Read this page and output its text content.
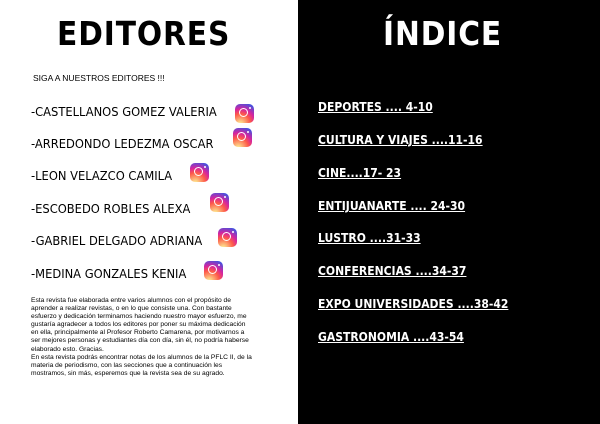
EDITORES
SIGA A NUESTROS EDITORES !!!
-CASTELLANOS GOMEZ VALERIA
-ARREDONDO LEDEZMA OSCAR
-LEON VELAZCO CAMILA
-ESCOBEDO ROBLES ALEXA
-GABRIEL DELGADO ADRIANA
-MEDINA GONZALES KENIA

Esta revista fue elaborada entre varios alumnos con el propósito de
aprender a realizar revistas, o en lo que consiste una. Con bastante
esfuerzo y dedicación terminamos haciendo nuestro mayor esfuerzo, me
gustaría agradecer a todos los editores por poner su máxima dedicación
en ella, principalmente al Profesor Roberto Camarena, por motivarnos a
ser mejores personas y estudiantes día con día, sin él, no podría haberse
elaborado esto. Gracias.
En esta revista podrás encontrar notas de los alumnos de la PFLC II, de la
materia de periodismo, con las secciones que a continuación les
mostramos, sin más, esperemos que la revista sea de su agrado.

ÍNDICE
DEPORTES .... 4-10
CULTURA Y VIAJES ....11-16
CINE....17- 23
ENTIJUANARTE .... 24-30
LUSTRO ....31-33
CONFERENCIAS ....34-37
EXPO UNIVERSIDADES ....38-42
GASTRONOMIA ....43-54
